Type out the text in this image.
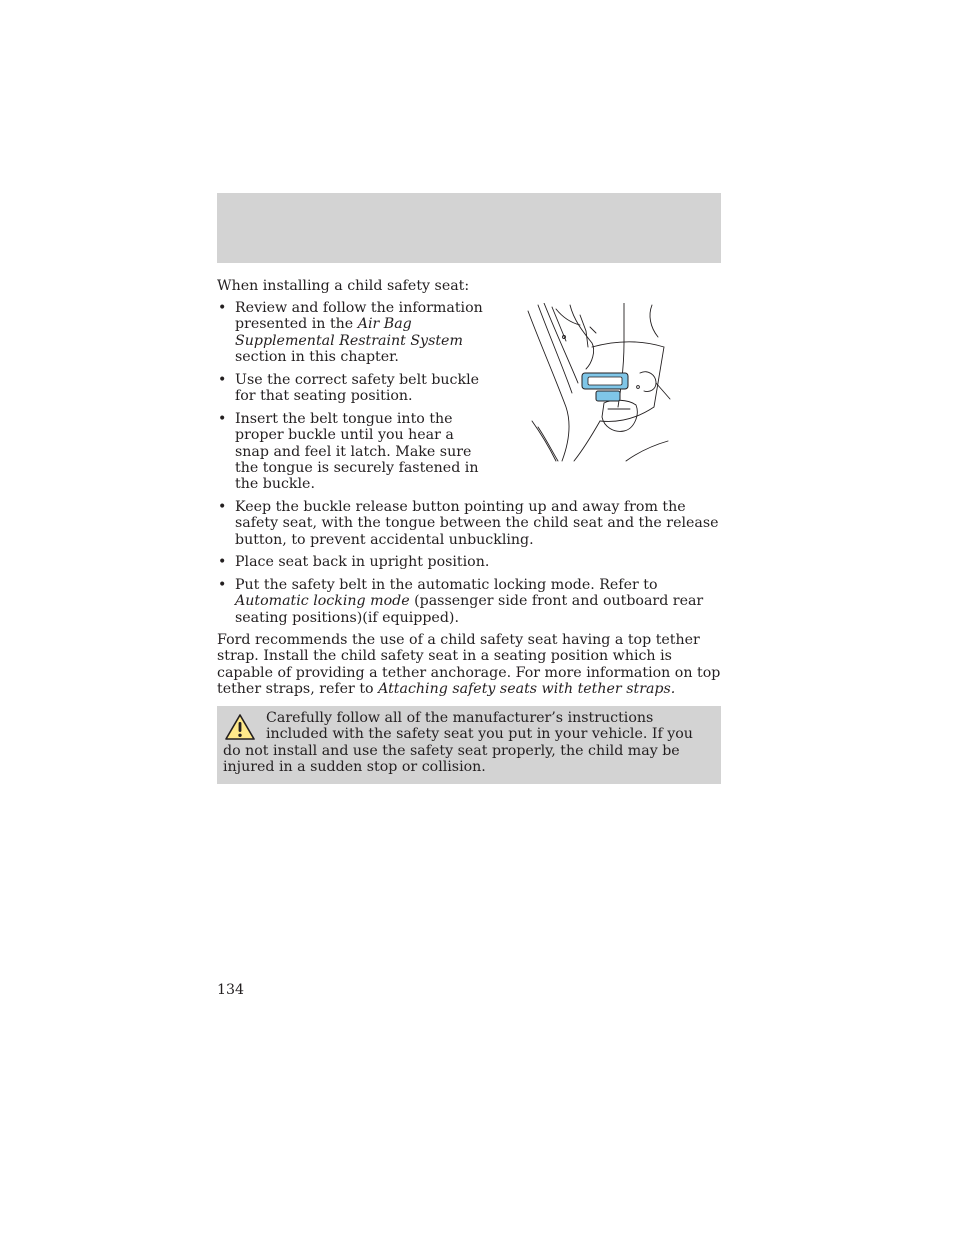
When installing a child safety seat:
• Review and follow the information presented in the Air Bag Supplemental Restraint System section in this chapter.
• Use the correct safety belt buckle for that seating position.
• Insert the belt tongue into the proper buckle until you hear a snap and feel it latch. Make sure the tongue is securely fastened in the buckle.
• Keep the buckle release button pointing up and away from the safety seat, with the tongue between the child seat and the release button, to prevent accidental unbuckling.
• Place seat back in upright position.
• Put the safety belt in the automatic locking mode. Refer to Automatic locking mode (passenger side front and outboard rear seating positions)(if equipped).
Ford recommends the use of a child safety seat having a top tether strap. Install the child safety seat in a seating position which is capable of providing a tether anchorage. For more information on top tether straps, refer to Attaching safety seats with tether straps.
Carefully follow all of the manufacturer’s instructions included with the safety seat you put in your vehicle. If you do not install and use the safety seat properly, the child may be injured in a sudden stop or collision.
134
